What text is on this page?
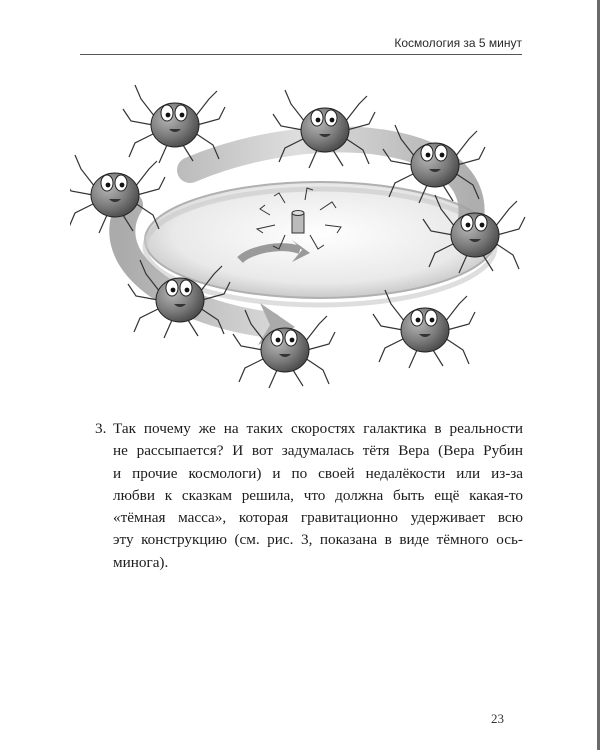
Космология за 5 минут
3. Так почему же на таких скоростях галактика в реальности
не рассыпается? И вот задумалась тётя Вера (Вера Рубин
и прочие космологи) и по своей недалёкости или из-за
любви к сказкам решила, что должна быть ещё какая-то
«тёмная масса», которая гравитационно удерживает всю
эту конструкцию (см. рис. 3, показана в виде тёмного ось-
минога).
23
